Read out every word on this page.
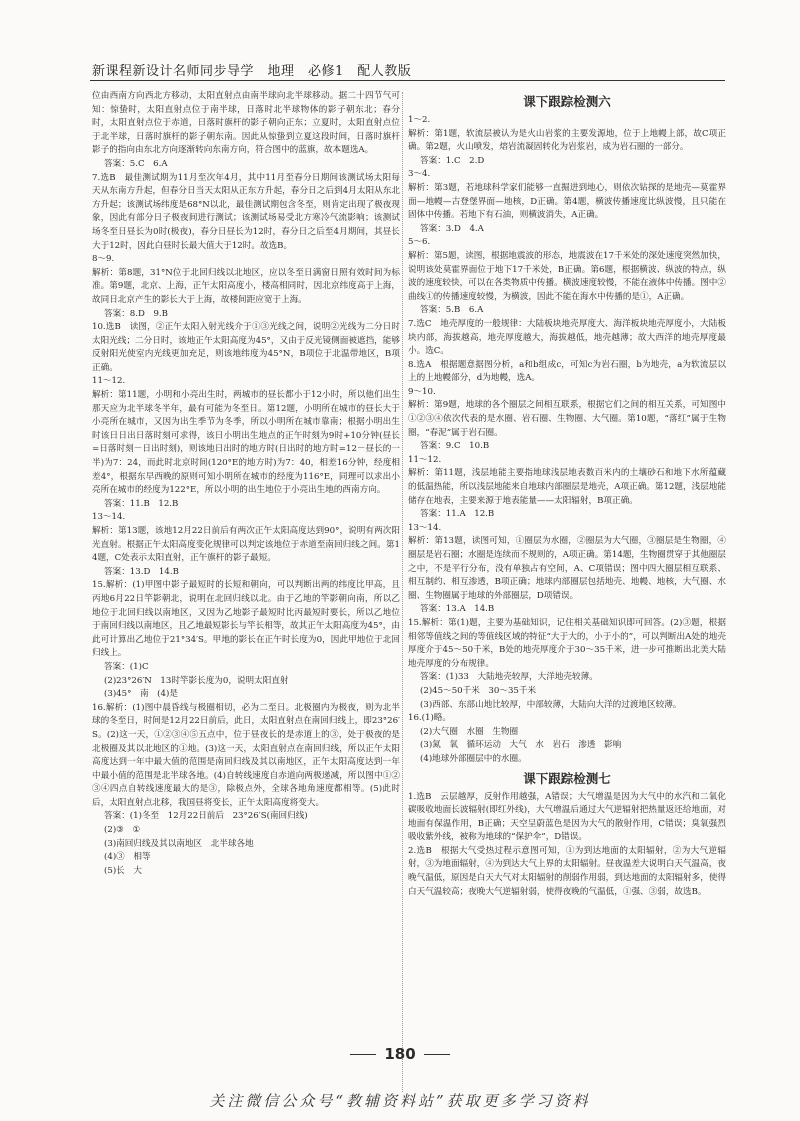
新课程新设计名师同步导学　地理　必修1　配人教版

位由西南方向西北方移动，太阳直射点由南半球向北半球移动。据二十四节气可知：惊蛰时，太阳直射点位于南半球，日落时北半球物体的影子朝东北；春分时，太阳直射点位于赤道，日落时旗杆的影子朝向正东；立夏时，太阳直射点位于北半球，日落时旗杆的影子朝东南。因此从惊蛰到立夏这段时间，日落时旗杆影子的指向由东北方向逐渐转向东南方向，符合图中的蓝旗，故本题选A。

答案：5.C　6.A

7.选B　最佳测试期为11月至次年4月，其中11月至春分日期间该测试场太阳每天从东南方升起，但春分日当天太阳从正东方升起，春分日之后到4月太阳从东北方升起；该测试场纬度是68°N以北，最佳测试期包含冬至，则肯定出现了极夜现象，因此有部分日子极夜间进行测试；该测试场易受北方寒冷气流影响；该测试场冬至日昼长为0时(极夜)，春分日昼长为12时，春分日之后至4月期间，其昼长大于12时，因此白昼时长最大值大于12时。故选B。

8～9.

解析：第8题，31°N位于北回归线以北地区，应以冬至日满窗日照有效时间为标准。第9题，北京、上海，正午太阳高度小，楼高相同时，因北京纬度高于上海，故同日北京产生的影长大于上海，故楼间距应宽于上海。

答案：8.D　9.B

10.选B　读图，②正午太阳入射光线介于①③光线之间，说明②光线为二分日时太阳光线；二分日时，该地正午太阳高度为45°，又由于反光镜侧面被遮挡，能够反射阳光使室内光线更加充足，则该地纬度为45°N，B项位于北温带地区，B项正确。

11～12.

解析：第11题，小明和小亮出生时，两城市的昼长都小于12小时，所以他们出生那天应为北半球冬半年，最有可能为冬至日。第12题，小明所在城市的昼长大于小亮所在城市，又因为出生季节为冬季，所以小明所在城市靠南；根据小明出生时该日日出日落时刻可求得，该日小明出生地点的正午时刻为9时+10分钟(昼长=日落时刻－日出时刻)，则该地日出时的地方时(日出时的地方时=12－昼长的一半)为7：24，而此时北京时间(120°E的地方时)为7：40，相差16分钟，经度相差4°，根据东早西晚的原则可知小明所在城市的经度为116°E，同理可以求出小亮所在城市的经度为122°E，所以小明的出生地位于小亮出生地的西南方向。

答案：11.B　12.B

13～14.

解析：第13题，该地12月22日前后有两次正午太阳高度达到90°，说明有两次阳光直射。根据正午太阳高度变化规律可以判定该地位于赤道至南回归线之间。第14题，C处表示太阳直射，正午旗杆的影子最短。

答案：13.D　14.B

15.解析：(1)甲图中影子最短时的长短和朝向，可以判断出两的纬度比甲高，且丙地6月22日竿影朝北，说明在北回归线以北。由于乙地的竿影朝向南，所以乙地位于北回归线以南地区，又因为乙地影子最短时比丙最短时要长，所以乙地位于南回归线以南地区，且乙地最短影长与竿长相等，故其正午太阳高度为45°，由此可计算出乙地位于21°34′S。甲地的影长在正午时长度为0，因此甲地位于北回归线上。

答案：(1)C

(2)23°26′N　13时竿影长度为0，说明太阳直射

(3)45°　南　(4)是

16.解析：(1)图中晨昏线与极圈相切，必为二至日。北极圈内为极夜，则为北半球的冬至日，时间是12月22日前后，此日，太阳直射点在南回归线上，即23°26′S。(2)这一天，①②③④⑤五点中，位于昼夜长的是赤道上的③，处于极夜的是北极圈及其以北地区的①地。(3)这一天，太阳直射点在南回归线，所以正午太阳高度达到一年中最大值的范围是南回归线及其以南地区，正午太阳高度达到一年中最小值的范围是北半球各地。(4)自转线速度自赤道向两极递减，所以图中①②③④四点自转线速度最大的是③，除极点外，全球各地角速度都相等。(5)此时后，太阳直射点北移，我国昼将变长，正午太阳高度将变大。

答案：(1)冬至　12月22日前后　23°26′S(南回归线)

(2)③　①

(3)南回归线及其以南地区　北半球各地

(4)③　相等

(5)长　大

课下跟踪检测六

1～2.

解析：第1题，软流层被认为是火山岩浆的主要发源地，位于上地幔上部，故C项正确。第2题，火山喷发，熔岩流凝固转化为岩浆岩，成为岩石圈的一部分。

答案：1.C　2.D

3～4.

解析：第3题，若地球科学家们能够一直掘进到地心，则依次钻探的是地壳—莫霍界面—地幔—古登堡界面—地核，D正确。第4题，横波传播速度比纵波慢，且只能在固体中传播。若地下有石油，则横波消失，A正确。

答案：3.D　4.A

5～6.

解析：第5题，读图，根据地震波的形态，地震波在17千米处的深处速度突然加快，说明该处莫霍界面位于地下17千米处，B正确。第6题，根据横波、纵波的特点，纵波的速度较快，可以在各类物质中传播。横波速度较慢，不能在液体中传播。图中②曲线①的传播速度较慢，为横波，因此不能在海水中传播的是①，A正确。

答案：5.B　6.A

7.选C　地壳厚度的一般规律：大陆板块地壳厚度大、海洋板块地壳厚度小，大陆板块内部，海拔越高，地壳厚度越大，海拔越低，地壳越薄；故大西洋的地壳厚度最小。选C。

8.选A　根据题意据图分析，a和b组成c，可知c为岩石圈，b为地壳，a为软流层以上的上地幔部分，d为地幔，选A。

9～10.

解析：第9题，地球的各个圈层之间相互联系，根据它们之间的相互关系，可知图中①②③④依次代表的是水圈、岩石圈、生物圈、大气圈。第10题，“落红”属于生物圈，“春泥”属于岩石圈。

答案：9.C　10.B

11～12.

解析：第11题，浅层地能主要指地球浅层地表数百米内的土壤砂石和地下水所蕴藏的低温热能，所以浅层地能来自地球内部圈层是地壳，A项正确。第12题，浅层地能储存在地表，主要来源于地表能量——太阳辐射，B项正确。

答案：11.A　12.B

13～14.

解析：第13题，读图可知，①圈层为水圈，②圈层为大气圈，③圈层是生物圈，④圈层是岩石圈；水圈是连续而不规则的，A项正确。第14题，生物圈贯穿于其他圈层之中，不是平行分布，没有单独占有空间，A、C项错误；图中四大圈层相互联系、相互制约、相互渗透，B项正确；地球内部圈层包括地壳、地幔、地核，大气圈、水圈、生物圈属于地球的外部圈层，D项错误。

答案：13.A　14.B

15.解析：第(1)题，主要为基础知识，记住相关基础知识即可回答。(2)③题，根据相邻等值线之间的等值线区域的特征“大于大的，小于小的”，可以判断出A处的地壳厚度介于45～50千米，B处的地壳厚度介于30～35千米，进一步可推断出北美大陆地壳厚度的分布规律。

答案：(1)33　大陆地壳较厚，大洋地壳较薄。

(2)45～50千米　30～35千米

(3)西部、东部山地比较厚，中部较薄，大陆向大洋的过渡地区较薄。

16.(1)略。

(2)大气圈　水圈　生物圈

(3)氮　氧　循环运动　大气　水　岩石　渗透　影响

(4)地球外部圈层中的水圈。

课下跟踪检测七

1.选B　云层越厚，反射作用越强，A错误；大气增温是因为大气中的水汽和二氧化碳吸收地面长波辐射(即红外线)，大气增温后通过大气逆辐射把热量返还给地面，对地面有保温作用，B正确；天空呈蔚蓝色是因为大气的散射作用，C错误；臭氧强烈吸收紫外线，被称为地球的“保护伞”，D错误。

2.选B　根据大气受热过程示意图可知，①为到达地面的太阳辐射，②为大气逆辐射，③为地面辐射，④为到达大气上界的太阳辐射。昼夜温差大说明白天气温高，夜晚气温低，原因是白天大气对太阳辐射的削弱作用弱，到达地面的太阳辐射多，使得白天气温较高；夜晚大气逆辐射弱，使得夜晚的气温低，①强、③弱，故选B。

180
关注微信公众号“教辅资料站”获取更多学习资料
